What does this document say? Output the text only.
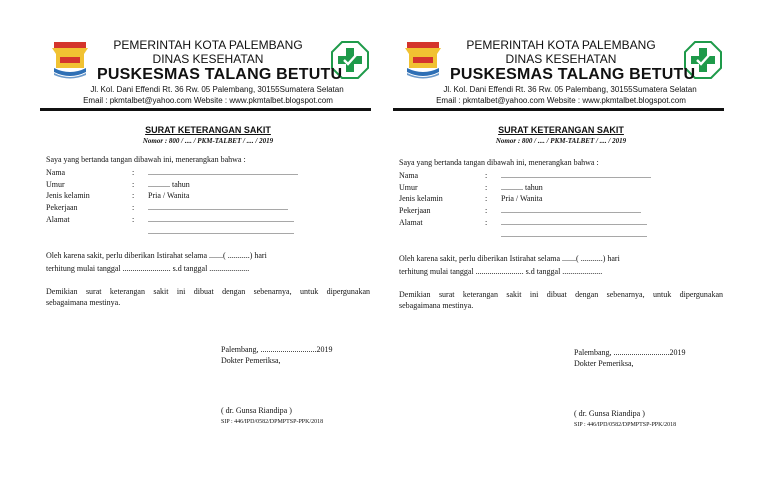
PEMERINTAH KOTA PALEMBANG
DINAS KESEHATAN
PUSKESMAS TALANG BETUTU
Jl. Kol. Dani Effendi Rt. 36 Rw. 05 Palembang, 30155Sumatera Selatan
Email : pkmtalbet@yahoo.com Website : www.pkmtalbet.blogspot.com
SURAT KETERANGAN SAKIT
Nomor : 800 / .... / PKM-TALBET / .... / 2019
Saya yang bertanda tangan dibawah ini, menerangkan bahwa :
Nama	: ...........................................................................
Umur	: ........... tahun
Jenis kelamin	: Pria / Wanita
Pekerjaan	: ......................................................................
Alamat	: .........................................................................
.........................................................................
Oleh karena sakit, perlu diberikan Istirahat selama .......( ...........) hari
terhitung mulai tanggal ........................ s.d tanggal ....................
Demikian surat keterangan sakit ini dibuat dengan sebenarnya, untuk dipergunakan
sebagaimana mestinya.
Palembang, ............................2019
Dokter Pemeriksa,
( dr. Gunsa Riandipa )
SIP : 446/IPD/0582/DPMPTSP-PPK/2018
PEMERINTAH KOTA PALEMBANG
DINAS KESEHATAN
PUSKESMAS TALANG BETUTU
Jl. Kol. Dani Effendi Rt. 36 Rw. 05 Palembang, 30155Sumatera Selatan
Email : pkmtalbet@yahoo.com Website : www.pkmtalbet.blogspot.com
SURAT KETERANGAN SAKIT
Nomor : 800 / .... / PKM-TALBET / .... / 2019
Saya yang bertanda tangan dibawah ini, menerangkan bahwa :
Nama	: ...........................................................................
Umur	: ........... tahun
Jenis kelamin	: Pria / Wanita
Pekerjaan	: ......................................................................
Alamat	: .........................................................................
.........................................................................
Oleh karena sakit, perlu diberikan Istirahat selama .......( ...........) hari
terhitung mulai tanggal ........................ s.d tanggal ....................
Demikian surat keterangan sakit ini dibuat dengan sebenarnya, untuk dipergunakan
sebagaimana mestinya.
Palembang, ............................2019
Dokter Pemeriksa,
( dr. Gunsa Riandipa )
SIP : 446/IPD/0582/DPMPTSP-PPK/2018
